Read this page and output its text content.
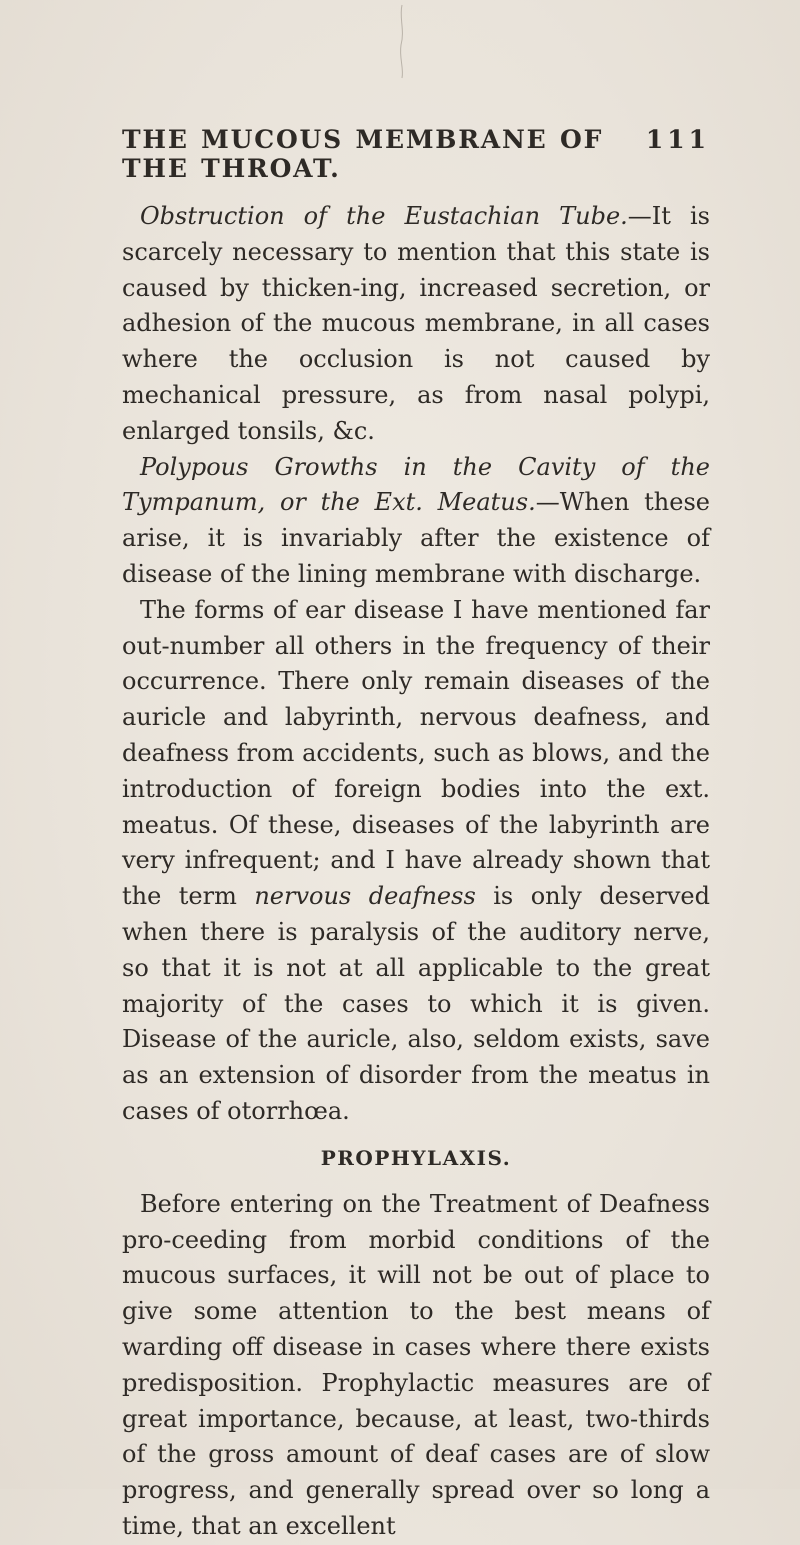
THE MUCOUS MEMBRANE OF THE THROAT.
111

Obstruction of the Eustachian Tube.—It is scarcely necessary to mention that this state is caused by thicken-ing, increased secretion, or adhesion of the mucous membrane, in all cases where the occlusion is not caused by mechanical pressure, as from nasal polypi, enlarged tonsils, &c.

Polypous Growths in the Cavity of the Tympanum, or the Ext. Meatus.—When these arise, it is invariably after the existence of disease of the lining membrane with discharge.

The forms of ear disease I have mentioned far out-number all others in the frequency of their occurrence. There only remain diseases of the auricle and labyrinth, nervous deafness, and deafness from accidents, such as blows, and the introduction of foreign bodies into the ext. meatus. Of these, diseases of the labyrinth are very infrequent; and I have already shown that the term nervous deafness is only deserved when there is paralysis of the auditory nerve, so that it is not at all applicable to the great majority of the cases to which it is given. Disease of the auricle, also, seldom exists, save as an extension of disorder from the meatus in cases of otorrhœa.

PROPHYLAXIS.

Before entering on the Treatment of Deafness pro-ceeding from morbid conditions of the mucous surfaces, it will not be out of place to give some attention to the best means of warding off disease in cases where there exists predisposition. Prophylactic measures are of great importance, because, at least, two-thirds of the gross amount of deaf cases are of slow progress, and generally spread over so long a time, that an excellent
